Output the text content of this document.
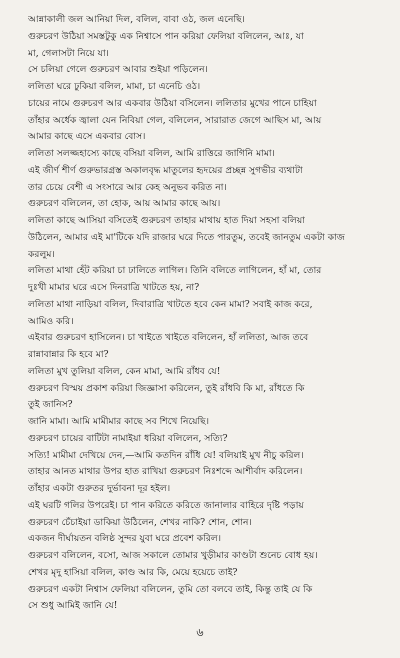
আন্নাকালী জল আনিয়া দিল, বলিল, বাবা ওঠ, জল এনেছি।
গুরুচরণ উঠিয়া সমস্তটুকু এক নিশ্বাসে পান করিয়া ফেলিয়া বলিলেন, আঃ, যা
মা, গেলাসটা নিয়ে যা।
সে চলিয়া গেলে গুরুচরণ আবার শুইয়া পড়িলেন।
ললিতা ঘরে ঢুকিয়া বলিল, মামা, চা এনেচি ওঠ।
চায়ের নামে গুরুচরণ আর একবার উঠিয়া বসিলেন। ললিতার মুখের পানে চাহিয়া
তাঁহার অর্ধেক জ্বালা যেন নিবিয়া গেল, বলিলেন, সারারাত জেগে আছিস মা, আয়
আমার কাছে এসে একবার বোস।
ললিতা সলজ্জহাস্যে কাছে বসিয়া বলিল, আমি রাত্তিরে জাগিনি মামা।
এই জীর্ণ শীর্ণ গুরুভারগ্রস্ত অকালবৃদ্ধ মাতুলের হৃদয়ের প্রচ্ছন্ন সুগভীর ব্যথাটা
তার চেয়ে বেশী এ সংসারে আর কেহ অনুভব করিত না।
গুরুচরণ বলিলেন, তা হোক, আয় আমার কাছে আয়।
ললিতা কাছে আসিয়া বসিতেই গুরুচরণ তাহার মাথায় হাত দিয়া সহসা বলিয়া
উঠিলেন, আমার এই মা'টিকে যদি রাজার ঘরে দিতে পারতুম, তবেই জানতুম একটা কাজ
করলুম।
ললিতা মাথা হেঁট করিয়া চা ঢালিতে লাগিল। তিনি বলিতে লাগিলেন, হাঁ মা, তোর
দুঃখী মামার ঘরে এসে দিনরাত্রি খাটতে হয়, না?
ললিতা মাথা নাড়িয়া বলিল, দিবারাত্রি খাটতে হবে কেন মামা? সবাই কাজ করে,
আমিও করি।
এইবার গুরুচরণ হাসিলেন। চা খাইতে খাইতে বলিলেন, হাঁ ললিতা, আজ তবে
রান্নাবান্নার কি হবে মা?
ললিতা মুখ তুলিয়া বলিল, কেন মামা, আমি রাঁধব যে!
গুরুচরণ বিস্ময় প্রকাশ করিয়া জিজ্ঞাসা করিলেন, তুই রাঁধবি কি মা, রাঁধতে কি
তুই জানিস?
জানি মামা। আমি মামীমার কাছে সব শিখে নিয়েছি।
গুরুচরণ চায়ের বাটিটা নামাইয়া ধরিয়া বলিলেন, সত্যি?
সত্যি! মামীমা দেখিয়ে দেন,—আমি কতদিন রাঁধি যে! বলিয়াই মুখ নীচু করিল।
তাহার আনত মাথার উপর হাত রাখিয়া গুরুচরণ নিঃশব্দে আশীর্বাদ করিলেন।
তাঁহার একটা গুরুতর দুর্ভাবনা দূর হইল।
এই ঘরটি গলির উপরেই। চা পান করিতে করিতে জানালার বাহিরে দৃষ্টি পড়ায়
গুরুচরণ চেঁচাইয়া ডাকিয়া উঠিলেন, শেখর নাকি? শোন, শোন।
একজন দীর্ঘায়তন বলিষ্ঠ সুন্দর যুবা ঘরে প্রবেশ করিল।
গুরুচরণ বলিলেন, বসো, আজ সকালে তোমার খুড়ীমার কাণ্ডটা শুনেচ বোধ হয়।
শেখর মৃদু হাসিয়া বলিল, কাণ্ড আর কি, মেয়ে হয়েচে তাই?
গুরুচরণ একটা নিশ্বাস ফেলিয়া বলিলেন, তুমি তো বলবে তাই, কিন্তু তাই যে কি
সে শুধু আমিই জানি যে!
৬
